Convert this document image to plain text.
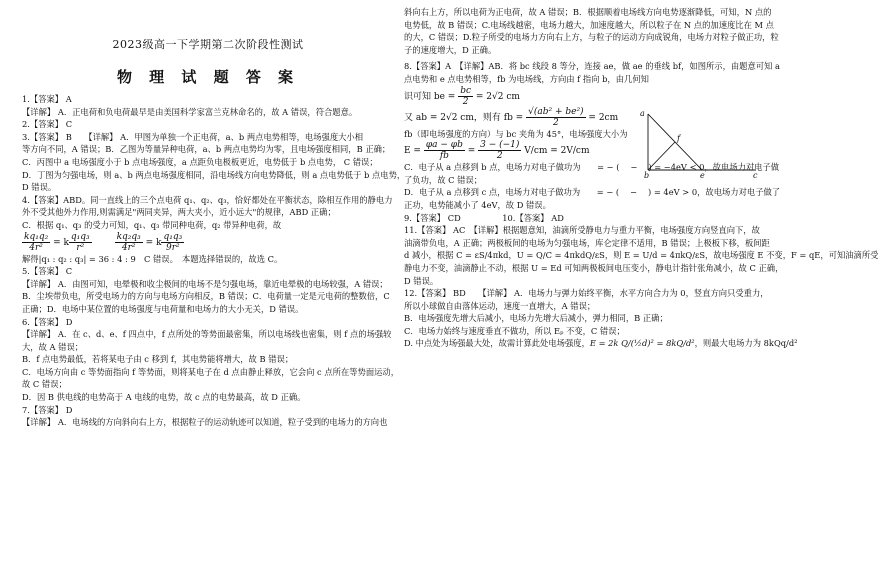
2023级高一下学期第二次阶段性测试
物 理 试 题 答 案
1.【答案】 A
【详解】 A．正电荷和负电荷最早是由美国科学家富兰克林命名的，故 A 错误，符合题意。
2.【答案】 C
3.【答案】 B　　【详解】 A．甲图为单独一个正电荷，a、b 两点电势相等，电场强度大小相
等方向不同，A 错误；B．乙图为等量异种电荷，a、b 两点电势均为零，且电场强度相同，B 正确；
C．丙图中 a 电场强度小于 b 点电场强度，a 点距负电极板更近，电势低于 b 点电势， C 错误；
D．丁图为匀强电场，则 a、b 两点电场强度相同，沿电场线方向电势降低，则 a 点电势低于 b 点电势，
D 错误。
4.【答案】ABD。同一直线上的三个点电荷 q₁、q₂、q₃，恰好都处在平衡状态，除相互作用的静电力
外不受其他外力作用,则需满足"两同夹异，两大夹小，近小远大"的规律，ABD 正确；
C．根据 q₁、q₃ 的受力可知，q₁、q₃ 带同种电荷，q₂ 带异种电荷，故
$\frac{\text{kq₁q₂}}{\text{4r²}} = k \frac{\text{q₁q₃}}{\text{r²}}$
	$\frac{\text{kq₂q₃}}{\text{4r²}} = k \frac{\text{q₁q₃}}{\text{9r²}}$
解得|q₁ : q₂ : q₃| = 36 : 4 : 9　C 错误。　本题选择错误的，故选 C。
5.【答案】 C
【详解】 A．由图可知，电晕极和收尘极间的电场不是匀强电场，靠近电晕极的电场较强，A 错误；
B．尘埃带负电，所受电场力的方向与电场方向相反，B 错误；C．电荷量一定是元电荷的整数倍，C
正确；D．电场中某位置的电场强度与电荷量和电场力的大小无关，D 错误。
6.【答案】 D
【详解】 A．在 c、d、e、f 四点中，f 点所处的等势面最密集，所以电场线也密集，则 f 点的场强较
大，故 A 错误；
B．f 点电势最低，若将某电子由 c 移到 f，其电势能将增大，故 B 错误；
C．电场方向由 c 等势面指向 f 等势面，则将某电子在 d 点由静止释放，它会向 c 点所在等势面运动，
故 C 错误；
D．因 B 供电线的电势高于 A 电线的电势，故 c 点的电势最高，故 D 正确。
7.【答案】 D
【详解】 A．电场线的方向斜向右上方，根据粒子的运动轨迹可以知道，粒子受到的电场力的方向也
斜向右上方，所以电荷为正电荷，故 A 错误；B．根据顺着电场线方向电势逐渐降低，可知，N 点的
电势低，故 B 错误；C.电场线越密，电场力越大，加速度越大，所以粒子在 N 点的加速度比在 M 点
的大，C 错误；D.粒子所受的电场力方向右上方，与粒子的运动方向成锐角，电场力对粒子做正功，粒
子的速度增大，D 正确。
8.【答案】A　【详解】AB．将 bc 线段 8 等分，连接 ae，做 ae 的垂线 bf，如图所示，由题意可知 a
点电势和 e 点电势相等，fb 为电场线，方向由 f 指向 b，由几何知
识可知 be = $\frac{bc}{2} = 2√2$ cm
又 ab = 2√2 cm，则有 fb = $\frac{\text{√(ab² + be²)}}{2} = 2cm$
fb（即电场强度的方向）与 bc 夹角为 45°，电场强度大小为
$E = \frac{\varphi a - \varphi b}{fb} = \frac{3 - (-1)}{2} V/cm = 2V/cm$
C．电子从 a 点移到 b 点，电场力对电子做功为　　= − (　 − 　) = −4eV < 0，故电场力对电子做
了负功，故 C 错误；
D．电子从 a 点移到 c 点，电场力对电子做功为　　= − (　 − 　) = 4eV > 0，故电场力对电子做了
正功，电势能减小了 4eV，故 D 错误。
9.【答案】 CD　　　　　10.【答案】 AD
11.【答案】 AC　【详解】根据题意知，油滴所受静电力与重力平衡，电场强度方向竖直向下，故
油滴带负电，A 正确；两极板间的电场为匀强电场，库仑定律不适用，B 错误；上极板下移，板间距
d 减小，根据 C = εS/4πkd，U = Q/C = 4πkdQ/εS，则 E = U/d = 4πkQ/εS，故电场强度 E 不变，F = qE，可知油滴所受
静电力不变，油滴静止不动，根据 U = Ed 可知两极板间电压变小，静电计指针张角减小，故 C 正确，
D 错误。
12.【答案】 BD　　【详解】 A．电场力与弹力始终平衡，水平方向合力为 0，竖直方向只受重力，
所以小球做自由落体运动，速度一直增大，A 错误；
B．电场强度先增大后减小，电场力先增大后减小，弹力相同，B 正确；
C．电场力始终与速度垂直不做功，所以 Eₚ 不变，C 错误；
D. 中点处为场强最大处，故需计算此处电场强度，E = 2k Q/(½d)² = 8kQ/d²，则最大电场力为 8kQq/d²
a
b	c
e
f
